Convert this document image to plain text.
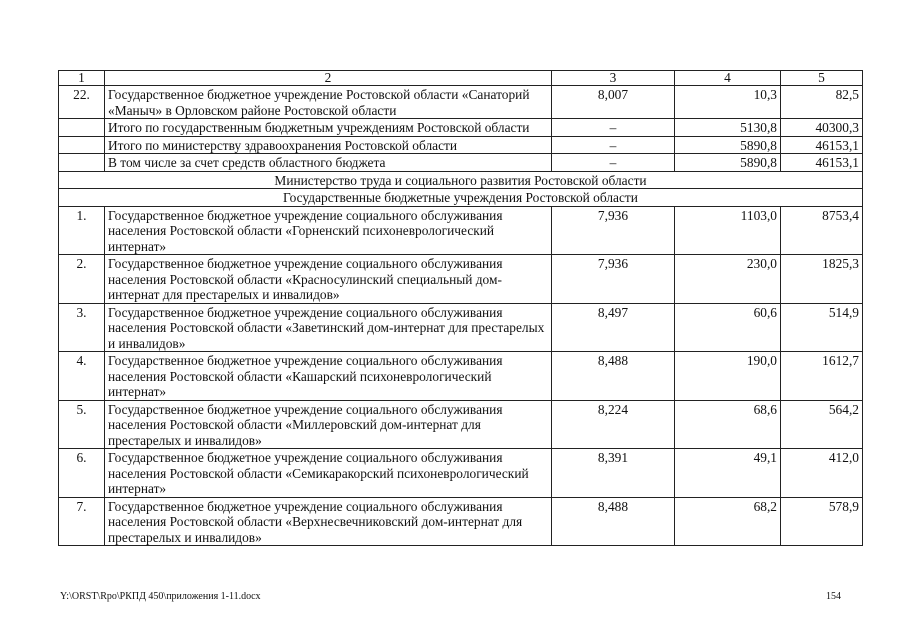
1	2	3	4	5
22.	Государственное бюджетное учреждение Ростовской области «Санаторий «Маныч» в Орловском районе Ростовской области	8,007	10,3	82,5
	Итого по государственным бюджетным учреждениям Ростовской области	–	5130,8	40300,3
	Итого по министерству здравоохранения Ростовской области	–	5890,8	46153,1
	В том числе за счет средств областного бюджета	–	5890,8	46153,1
Министерство труда и социального развития Ростовской области				
Государственные бюджетные учреждения Ростовской области				
1.	Государственное бюджетное учреждение социального обслуживания населения Ростовской области «Горненский психоневрологический интернат»	7,936	1103,0	8753,4
2.	Государственное бюджетное учреждение социального обслуживания населения Ростовской области «Красносулинский специальный дом-интернат для престарелых и инвалидов»	7,936	230,0	1825,3
3.	Государственное бюджетное учреждение социального обслуживания населения Ростовской области «Заветинский дом-интернат для престарелых и инвалидов»	8,497	60,6	514,9
4.	Государственное бюджетное учреждение социального обслуживания населения Ростовской области «Кашарский психоневрологический интернат»	8,488	190,0	1612,7
5.	Государственное бюджетное учреждение социального обслуживания населения Ростовской области «Миллеровский дом-интернат для престарелых и инвалидов»	8,224	68,6	564,2
6.	Государственное бюджетное учреждение социального обслуживания населения Ростовской области «Семикаракорский психоневрологический интернат»	8,391	49,1	412,0
7.	Государственное бюджетное учреждение социального обслуживания населения Ростовской области «Верхнесвечниковский дом-интернат для престарелых и инвалидов»	8,488	68,2	578,9
Y:\ORST\Rpo\РКПД 450\приложения 1-11.docx	154
